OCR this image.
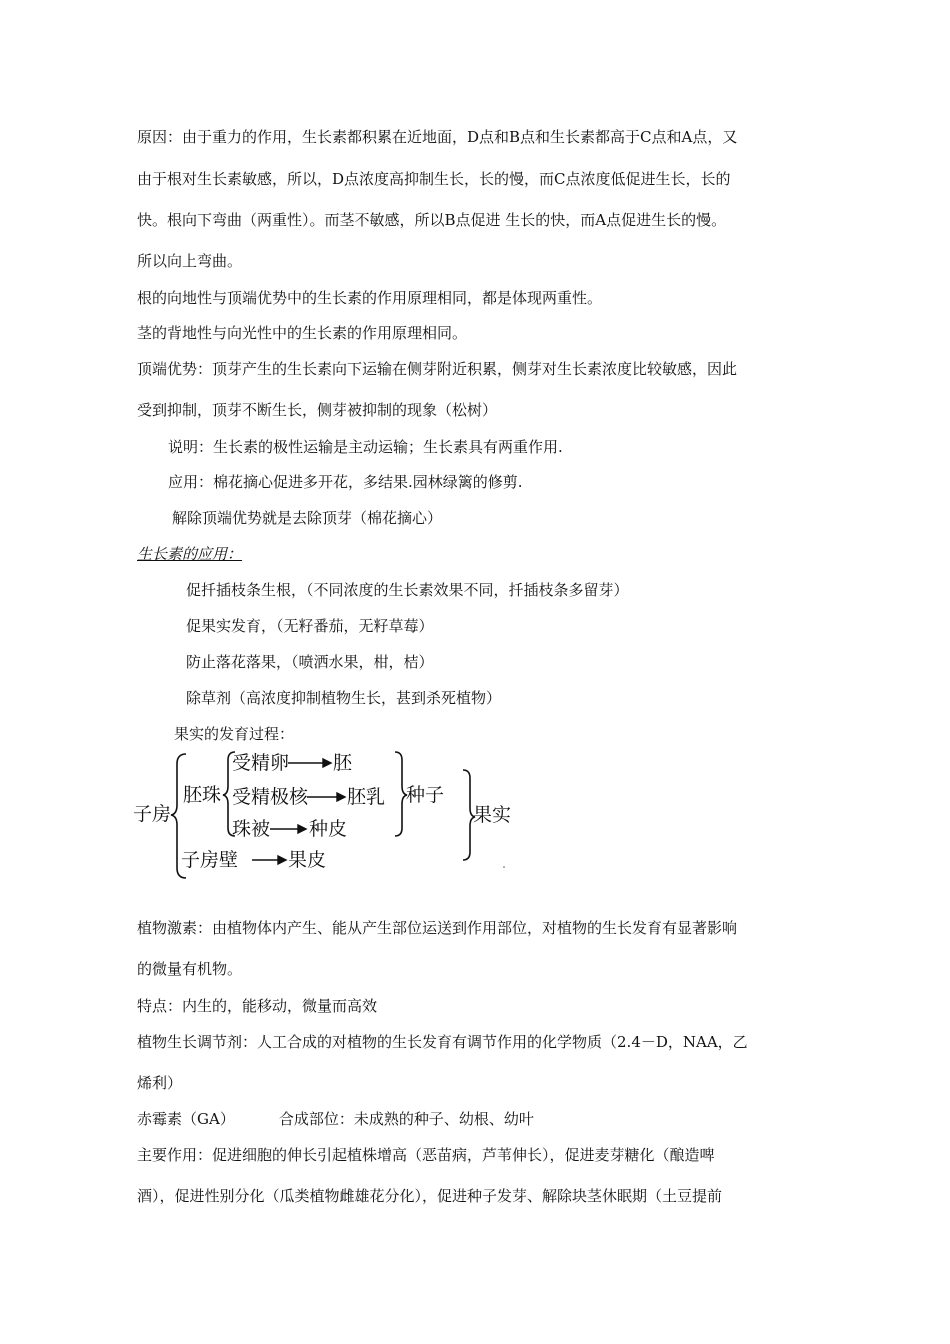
原因：由于重力的作用，生长素都积累在近地面，D点和B点和生长素都高于C点和A点，又
由于根对生长素敏感，所以，D点浓度高抑制生长，长的慢，而C点浓度低促进生长，长的
快。根向下弯曲（两重性）。而茎不敏感，所以B点促进 生长的快，而A点促进生长的慢。
所以向上弯曲。
根的向地性与顶端优势中的生长素的作用原理相同，都是体现两重性。
茎的背地性与向光性中的生长素的作用原理相同。
顶端优势：顶芽产生的生长素向下运输在侧芽附近积累，侧芽对生长素浓度比较敏感，因此
受到抑制，顶芽不断生长，侧芽被抑制的现象（松树）
说明：生长素的极性运输是主动运输；生长素具有两重作用.
应用：棉花摘心促进多开花，多结果.园林绿篱的修剪.
解除顶端优势就是去除顶芽（棉花摘心）
生长素的应用：
促扦插枝条生根，（不同浓度的生长素效果不同，扦插枝条多留芽）
促果实发育，（无籽番茄，无籽草莓）
防止落花落果，（喷洒水果，柑，桔）
除草剂（高浓度抑制植物生长，甚到杀死植物）
果实的发育过程：
子房
胚珠
受精卵 胚
受精极核 胚乳
珠被 种皮
种子
果实
子房壁	果皮
植物激素：由植物体内产生、能从产生部位运送到作用部位，对植物的生长发育有显著影响
的微量有机物。
特点：内生的，能移动，微量而高效
植物生长调节剂：人工合成的对植物的生长发育有调节作用的化学物质（2.4－D，NAA，乙
烯利）
赤霉素（GA）	合成部位：未成熟的种子、幼根、幼叶
主要作用：促进细胞的伸长引起植株增高（恶苗病，芦苇伸长），促进麦芽糖化（酿造啤
酒），促进性别分化（瓜类植物雌雄花分化），促进种子发芽、解除块茎休眠期（土豆提前
